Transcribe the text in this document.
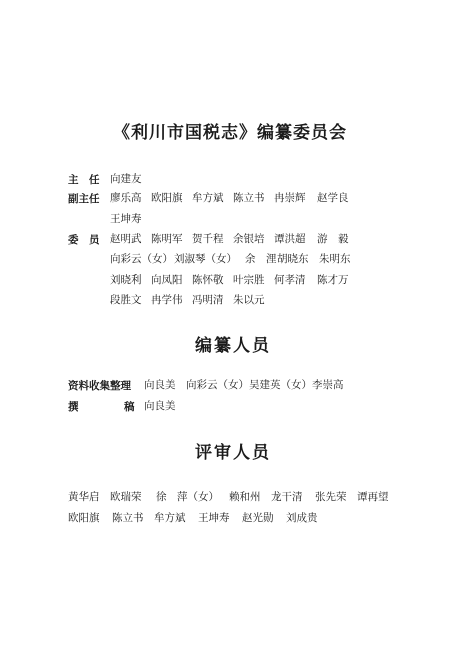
《利川市国税志》编纂委员会
主　任 向建友
副主任 廖乐高 欧阳旗 牟方斌 陈立书 冉崇辉	赵学良
王坤寿
委　员 赵明武 陈明军 贺千程 余银培 谭洪超	游　毅
向彩云（女） 刘淑琴（女） 余　浬 胡晓东	朱明东
刘晓利 向凤阳 陈怀敬 叶宗胜 何孝清	陈才万
段胜文 冉学伟 冯明清 朱以元
编纂人员
资料收集整理 向良美　向彩云（女）吴建英（女）李崇高
撰	稿 向良美
评审人员
黄华启	欧瑞荣	徐　萍（女） 赖和州	龙干清	张先荣	谭再望
欧阳旗	陈立书	牟方斌	王坤寿	赵光勋	刘成贵
